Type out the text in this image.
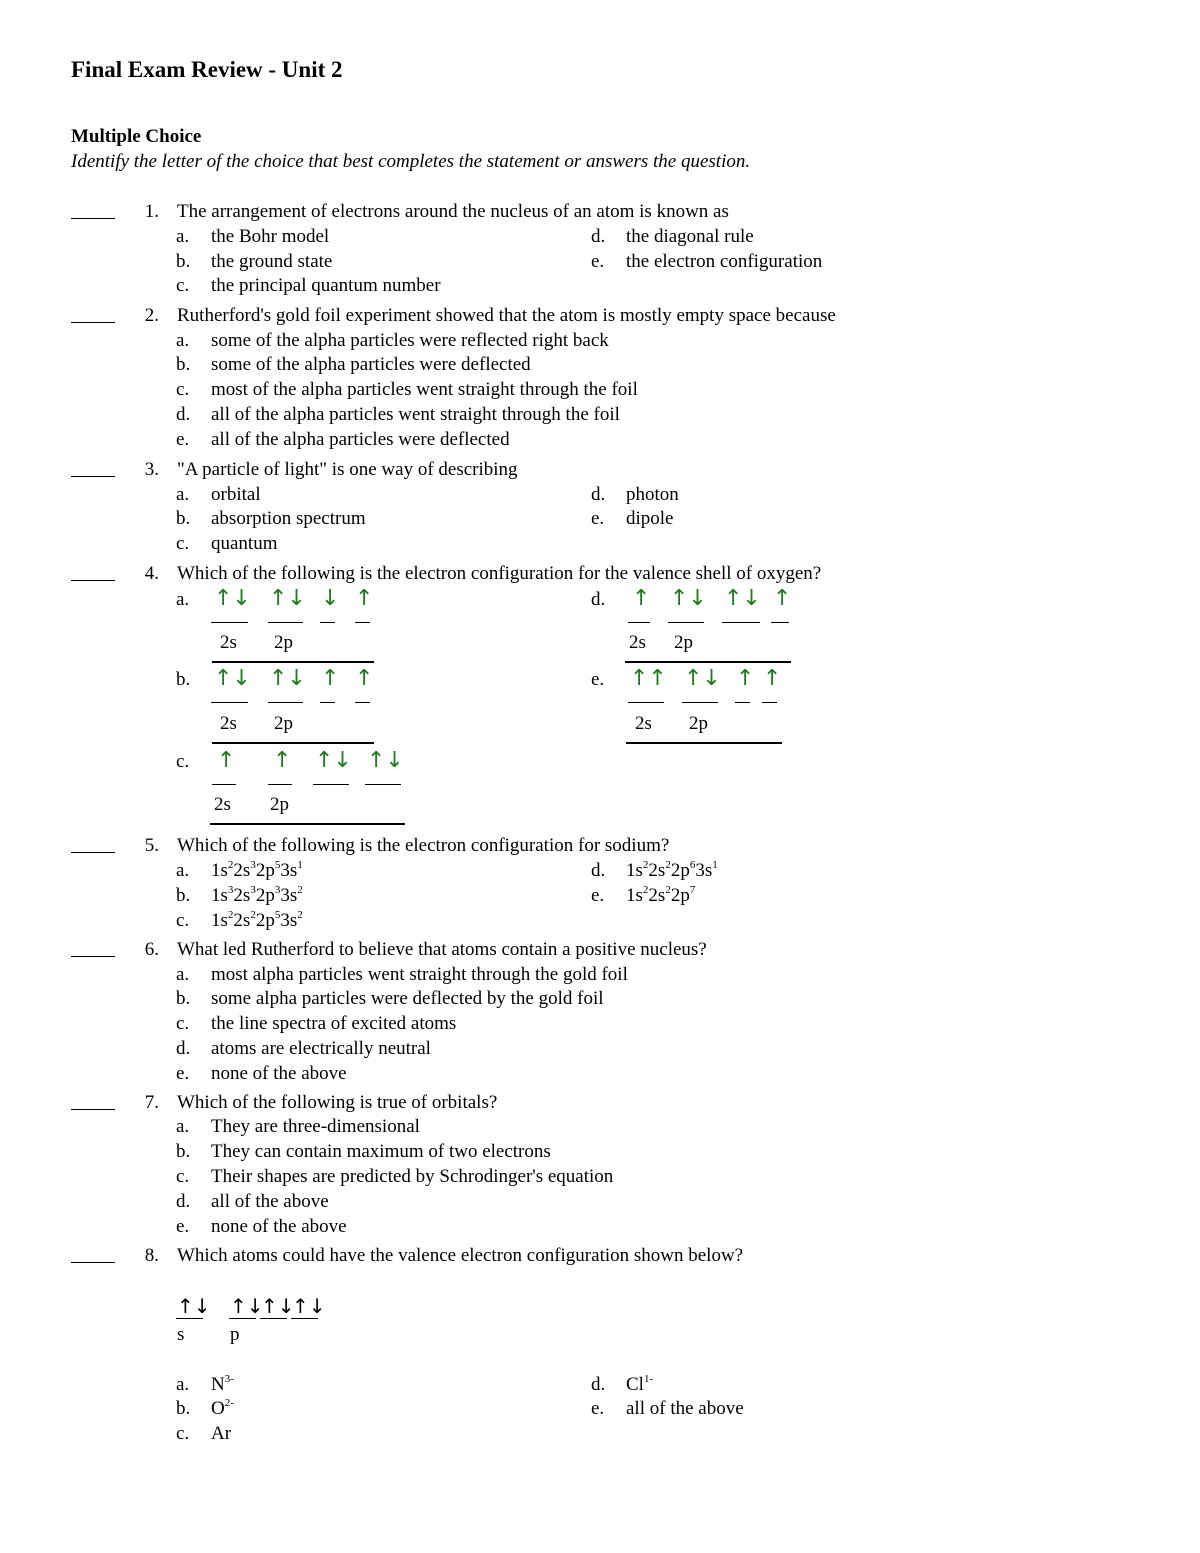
Final Exam Review - Unit 2
Multiple Choice
Identify the letter of the choice that best completes the statement or answers the question.
1. The arrangement of electrons around the nucleus of an atom is known as
a. the Bohr model
b. the ground state
c. the principal quantum number
d. the diagonal rule
e. the electron configuration
2. Rutherford's gold foil experiment showed that the atom is mostly empty space because
a. some of the alpha particles were reflected right back
b. some of the alpha particles were deflected
c. most of the alpha particles went straight through the foil
d. all of the alpha particles went straight through the foil
e. all of the alpha particles were deflected
3. "A particle of light" is one way of describing
a. orbital
b. absorption spectrum
c. quantum
d. photon
e. dipole
4. Which of the following is the electron configuration for the valence shell of oxygen?
a. ↑↓ ↑↓ ↓ ↑
2s 2p
b. ↑↓ ↑↓ ↑ ↑
2s 2p
c. ↑ ↑ ↑↓ ↑↓
2s 2p
d. ↑ ↑↓ ↑↓ ↑
2s 2p
e. ↑↑ ↑↓ ↑ ↑
2s 2p
5. Which of the following is the electron configuration for sodium?
a. $1s^22s^32p^53s^1$
b. $1s^32s^32p^33s^2$
c. $1s^22s^22p^53s^2$
d. $1s^22s^22p^63s^1$
e. $1s^22s^22p^7$
6. What led Rutherford to believe that atoms contain a positive nucleus?
a. most alpha particles went straight through the gold foil
b. some alpha particles were deflected by the gold foil
c. the line spectra of excited atoms
d. atoms are electrically neutral
e. none of the above
7. Which of the following is true of orbitals?
a. They are three-dimensional
b. They can contain maximum of two electrons
c. Their shapes are predicted by Schrodinger's equation
d. all of the above
e. none of the above
8. Which atoms could have the valence electron configuration shown below?
↑↓ ↑↓
↑↓
↑↓
s p
a. $N^{3-}$
b. $O^{2-}$
c. Ar
d. $Cl^{1-}$
e. all of the above
